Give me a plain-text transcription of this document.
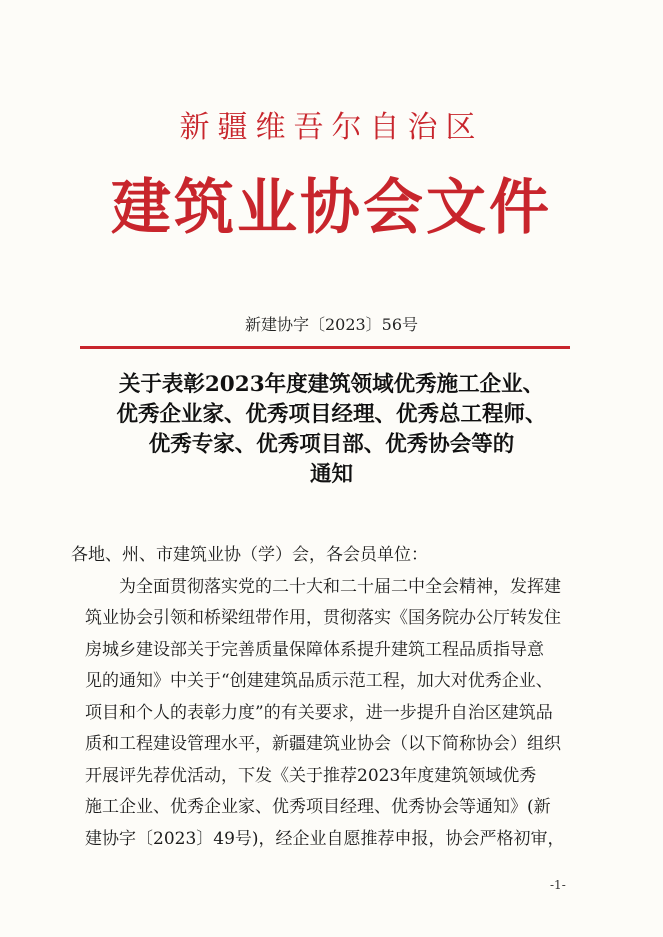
新疆维吾尔自治区
建筑业协会文件
新建协字〔2023〕56号
关于表彰2023年度建筑领域优秀施工企业、
优秀企业家、优秀项目经理、优秀总工程师、
优秀专家、优秀项目部、优秀协会等的
通知
各地、州、市建筑业协（学）会，各会员单位：
　　为全面贯彻落实党的二十大和二十届二中全会精神，发挥建
筑业协会引领和桥梁纽带作用，贯彻落实《国务院办公厅转发住
房城乡建设部关于完善质量保障体系提升建筑工程品质指导意
见的通知》中关于“创建建筑品质示范工程，加大对优秀企业、
项目和个人的表彰力度”的有关要求，进一步提升自治区建筑品
质和工程建设管理水平，新疆建筑业协会（以下简称协会）组织
开展评先荐优活动，下发《关于推荐2023年度建筑领域优秀
施工企业、优秀企业家、优秀项目经理、优秀协会等通知》(新
建协字〔2023〕49号)，经企业自愿推荐申报，协会严格初审，
-1-
